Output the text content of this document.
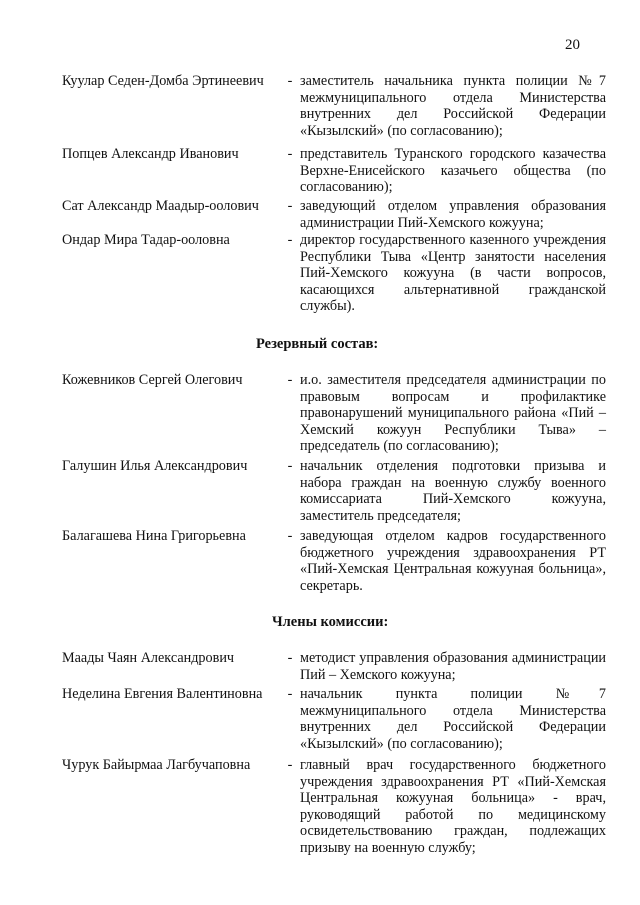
20
Куулар Седен-Домба Эртинеевич	- заместитель начальника пункта полиции №7 межмуниципального отдела Министерства внутренних дел Российской Федерации «Кызылский» (по согласованию);
Попцев Александр Иванович	- представитель Туранского городского казачества Верхне-Енисейского казачьего общества (по согласованию);
Сат Александр Маадыр-оолович	- заведующий отделом управления образования администрации Пий-Хемского кожууна;
Ондар Мира Тадар-ооловна	- директор государственного казенного учреждения Республики Тыва «Центр занятости населения Пий-Хемского кожууна (в части вопросов, касающихся альтернативной гражданской службы).
Резервный состав:
Кожевников Сергей Олегович	- и.о. заместителя председателя администрации по правовым вопросам и профилактике правонарушений муниципального района «Пий – Хемский кожуун Республики Тыва» – председатель (по согласованию);
Галушин Илья Александрович	- начальник отделения подготовки призыва и набора граждан на военную службу военного комиссариата Пий-Хемского кожууна, заместитель председателя;
Балагашева Нина Григорьевна	- заведующая отделом кадров государственного бюджетного учреждения здравоохранения РТ «Пий-Хемская Центральная кожууная больница», секретарь.
Члены комиссии:
Маады Чаян Александрович	- методист управления образования администрации Пий – Хемского кожууна;
Неделина Евгения Валентиновна	- начальник пункта полиции №7 межмуниципального отдела Министерства внутренних дел Российской Федерации «Кызылский» (по согласованию);
Чурук Байырмаа Лагбучаповна	- главный врач государственного бюджетного учреждения здравоохранения РТ «Пий-Хемская Центральная кожууная больница» - врач, руководящий работой по медицинскому освидетельствованию граждан, подлежащих призыву на военную службу;
